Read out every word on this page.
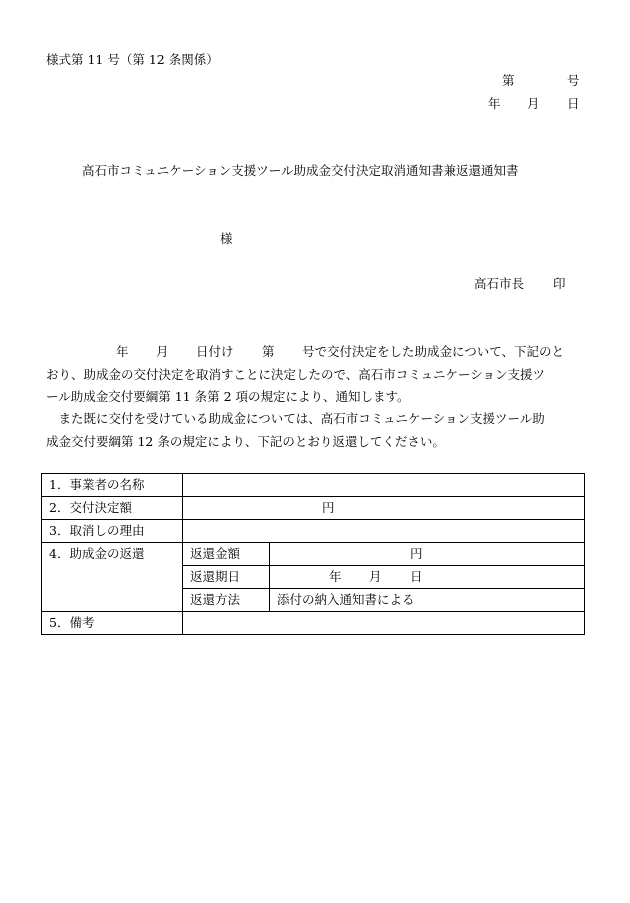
様式第 11 号（第 12 条関係）
第	号
年 月 日
高石市コミュニケーション支援ツール助成金交付決定取消通知書兼返還通知書
様
高石市長 印
年 月 日付け 第 号で交付決定をした助成金について、下記のと
おり、助成金の交付決定を取消すことに決定したので、高石市コミュニケーション支援ツ
ール助成金交付要綱第 11 条第 2 項の規定により、通知します。
　また既に交付を受けている助成金については、高石市コミュニケーション支援ツール助
成金交付要綱第 12 条の規定により、下記のとおり返還してください。
1．事業者の名称		
2．交付決定額	円	

3．取消しの理由		
4．助成金の返還	返還金額	円

	返還期日	年 月 日

	返還方法	添付の納入通知書による
5．備考		
